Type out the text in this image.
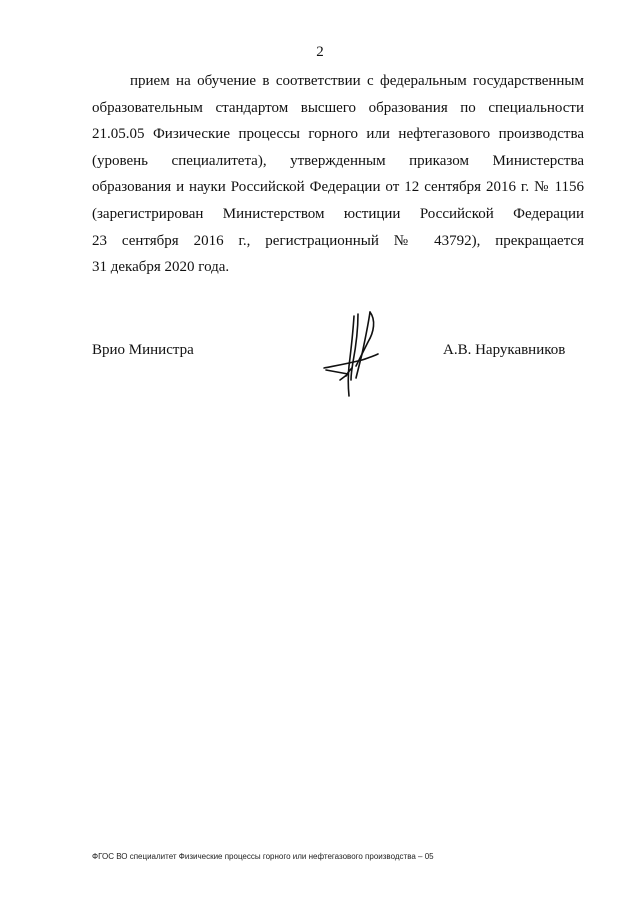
2
прием на обучение в соответствии с федеральным государственным
образовательным стандартом высшего образования по специальности
21.05.05 Физические процессы горного или нефтегазового производства
(уровень специалитета), утвержденным приказом Министерства
образования и науки Российской Федерации от 12 сентября 2016 г. № 1156
(зарегистрирован Министерством юстиции Российской Федерации
23 сентября 2016 г., регистрационный № 43792), прекращается
31 декабря 2020 года.
Врио Министра	А.В. Нарукавников
ФГОС ВО специалитет Физические процессы горного или нефтегазового производства – 05
